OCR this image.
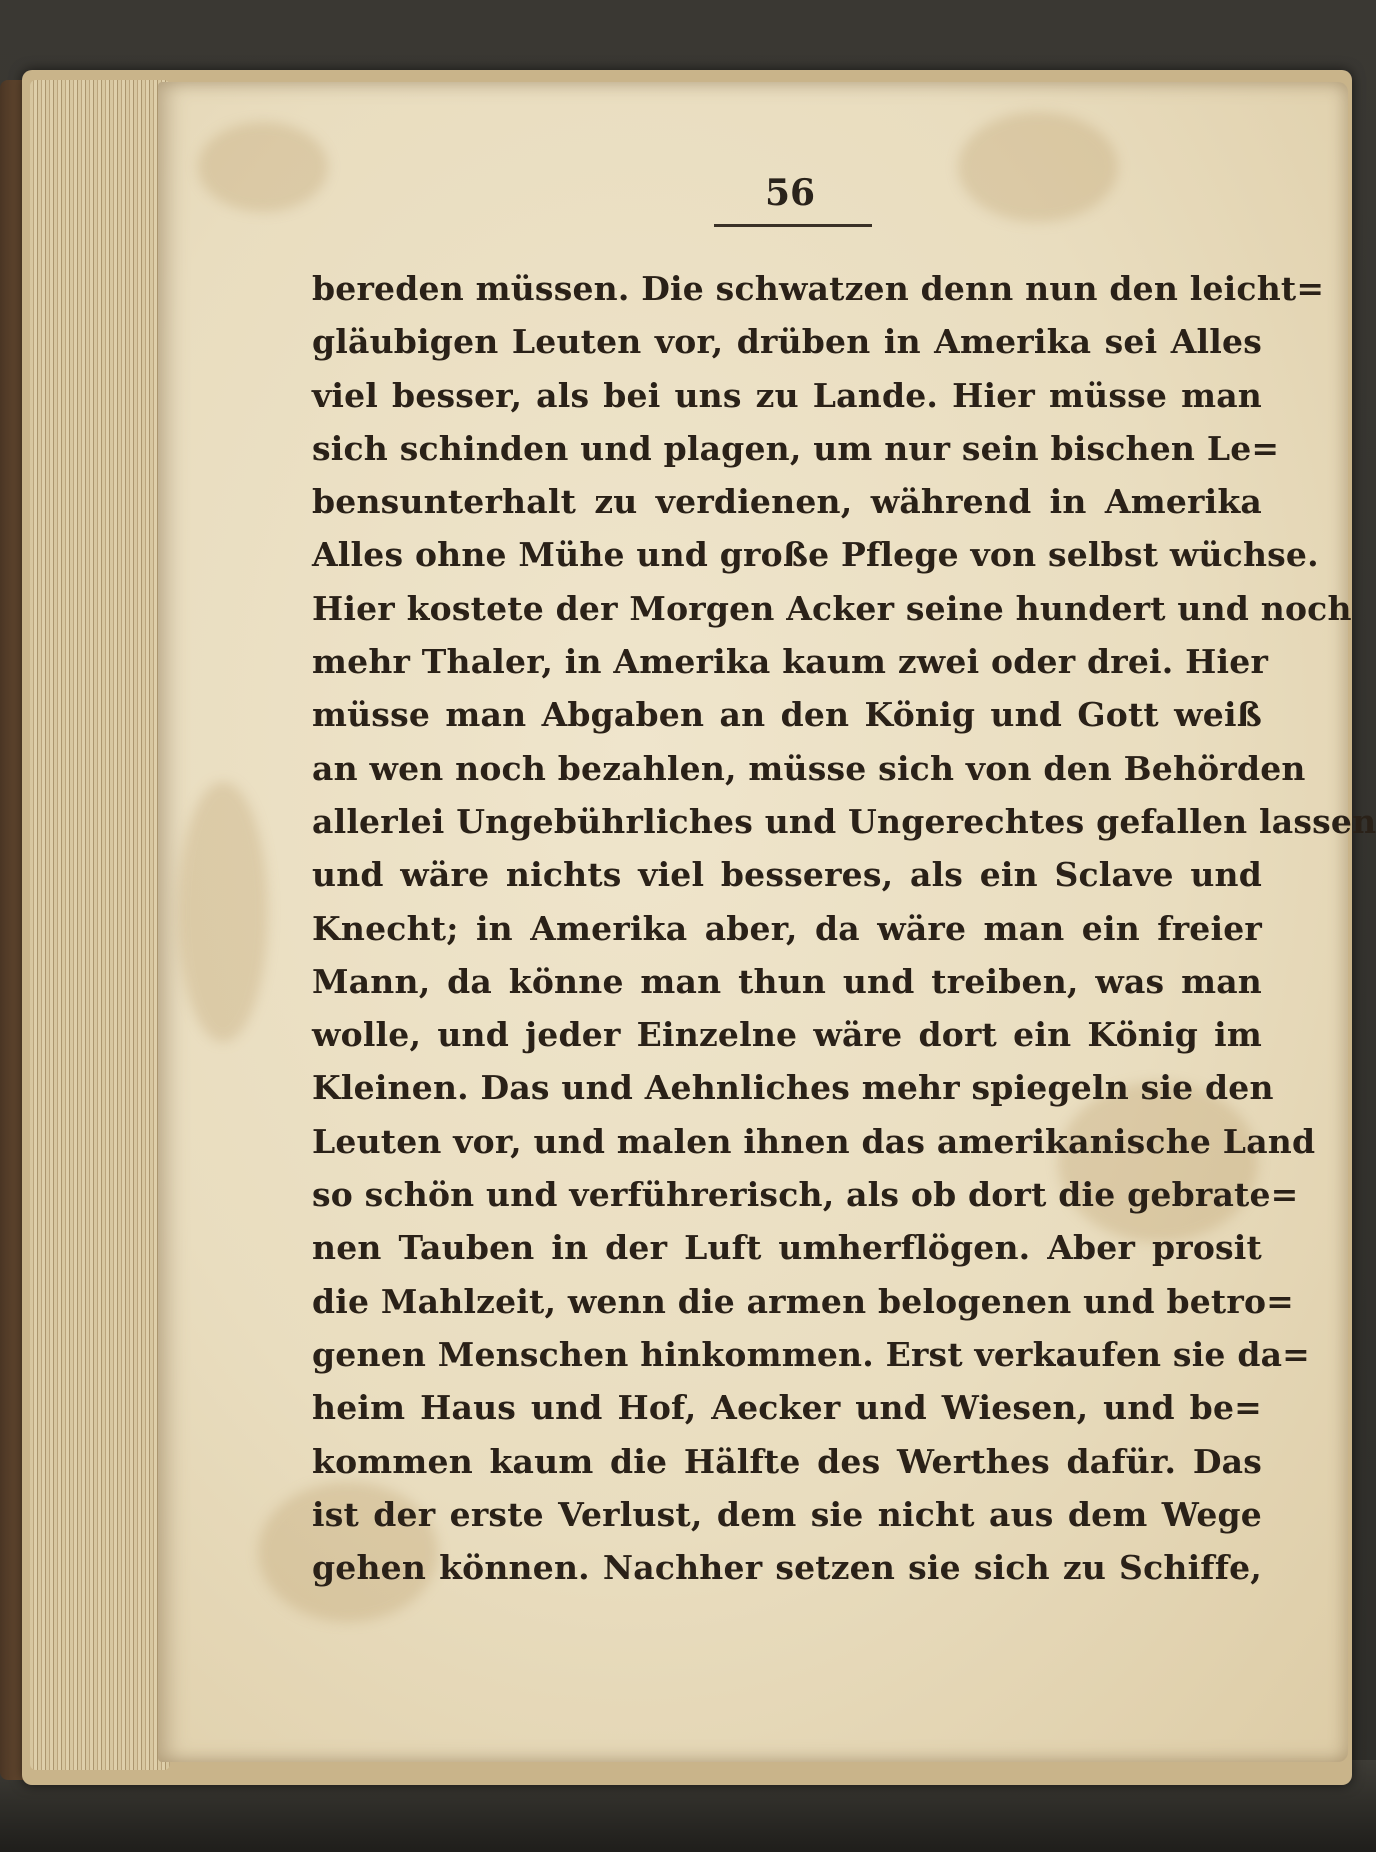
56
bereden müssen. Die schwatzen denn nun den leicht=
gläubigen Leuten vor, drüben in Amerika sei Alles
viel besser, als bei uns zu Lande. Hier müsse man
sich schinden und plagen, um nur sein bischen Le=
bensunterhalt zu verdienen, während in Amerika
Alles ohne Mühe und große Pflege von selbst wüchse.
Hier kostete der Morgen Acker seine hundert und noch
mehr Thaler, in Amerika kaum zwei oder drei. Hier
müsse man Abgaben an den König und Gott weiß
an wen noch bezahlen, müsse sich von den Behörden
allerlei Ungebührliches und Ungerechtes gefallen lassen
und wäre nichts viel besseres, als ein Sclave und
Knecht; in Amerika aber, da wäre man ein freier
Mann, da könne man thun und treiben, was man
wolle, und jeder Einzelne wäre dort ein König im
Kleinen. Das und Aehnliches mehr spiegeln sie den
Leuten vor, und malen ihnen das amerikanische Land
so schön und verführerisch, als ob dort die gebrate=
nen Tauben in der Luft umherflögen. Aber prosit
die Mahlzeit, wenn die armen belogenen und betro=
genen Menschen hinkommen. Erst verkaufen sie da=
heim Haus und Hof, Aecker und Wiesen, und be=
kommen kaum die Hälfte des Werthes dafür. Das
ist der erste Verlust, dem sie nicht aus dem Wege
gehen können. Nachher setzen sie sich zu Schiffe,
